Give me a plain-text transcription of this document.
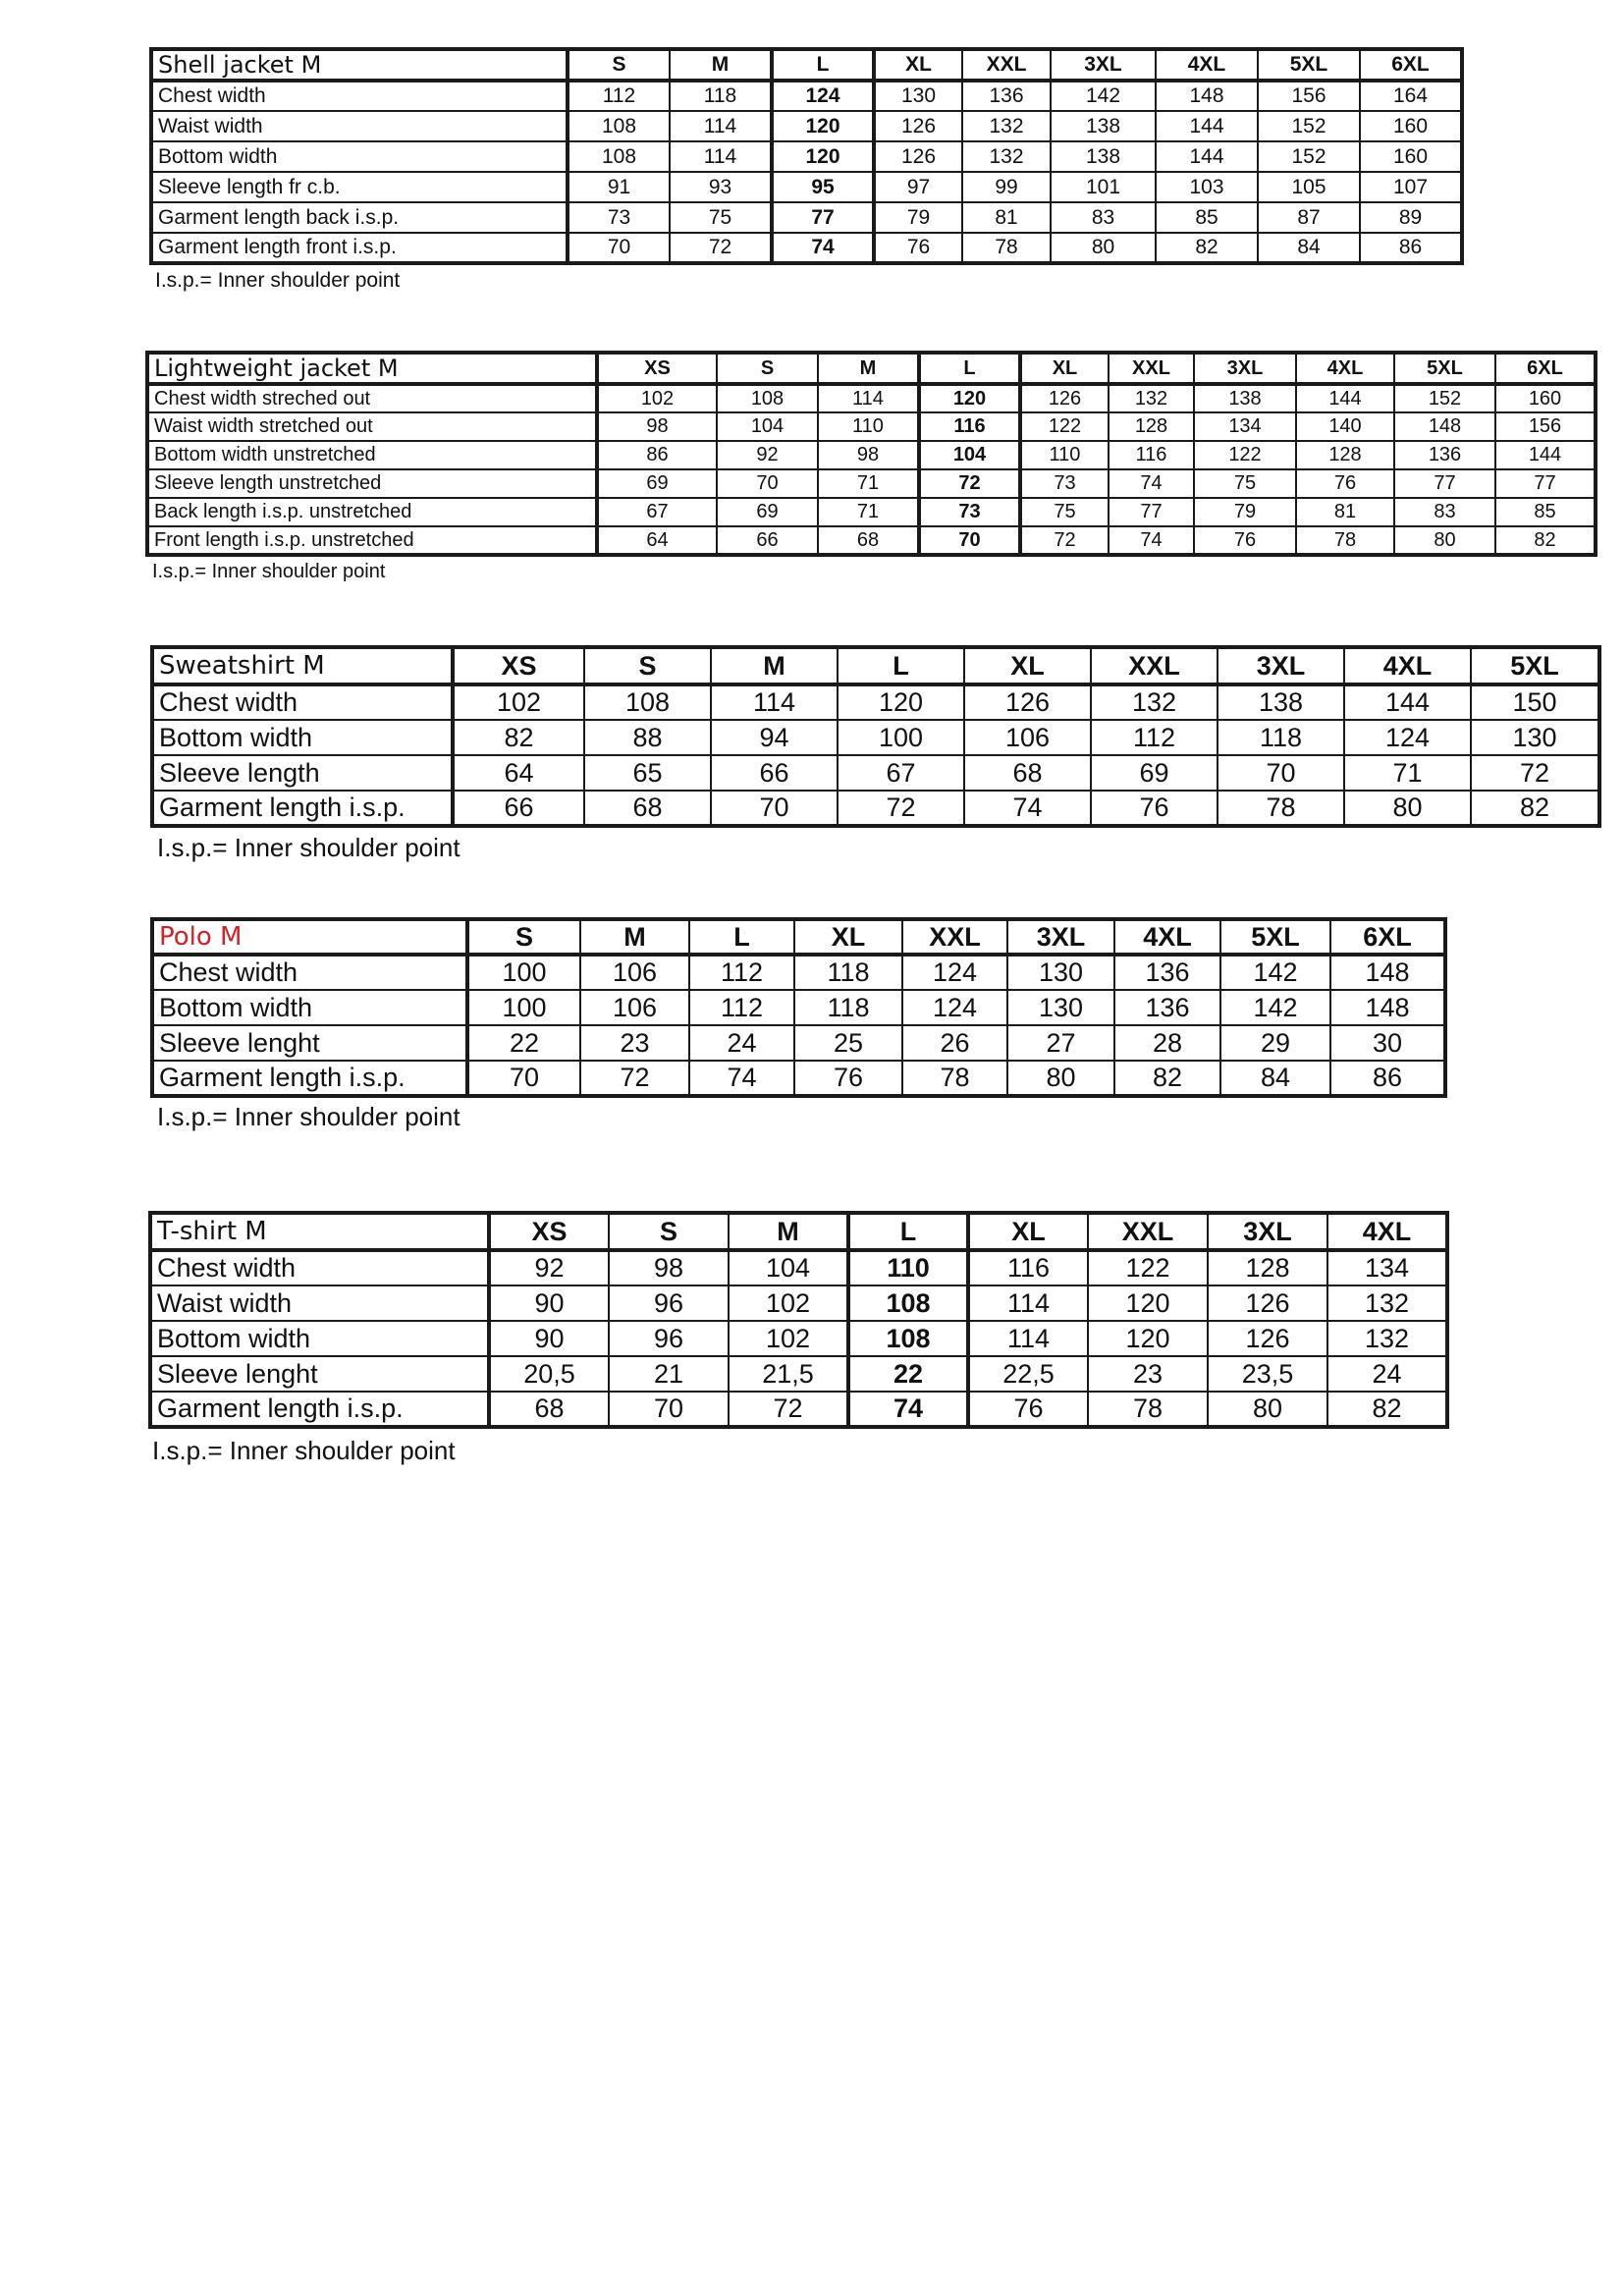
Shell jacket M	S	M	L	XL	XXL	3XL	4XL	5XL	6XL
Chest width	112	118	124	130	136	142	148	156	164
Waist width	108	114	120	126	132	138	144	152	160
Bottom width	108	114	120	126	132	138	144	152	160
Sleeve length fr c.b.	91	93	95	97	99	101	103	105	107
Garment length back i.s.p.	73	75	77	79	81	83	85	87	89
Garment length front i.s.p.	70	72	74	76	78	80	82	84	86
I.s.p.= Inner shoulder point
Lightweight jacket M	XS	S	M	L	XL	XXL	3XL	4XL	5XL	6XL
Chest width streched out	102	108	114	120	126	132	138	144	152	160
Waist width stretched out	98	104	110	116	122	128	134	140	148	156
Bottom width unstretched	86	92	98	104	110	116	122	128	136	144
Sleeve length unstretched	69	70	71	72	73	74	75	76	77	77
Back length i.s.p. unstretched	67	69	71	73	75	77	79	81	83	85
Front length i.s.p. unstretched	64	66	68	70	72	74	76	78	80	82
I.s.p.= Inner shoulder point
Sweatshirt M	XS	S	M	L	XL	XXL	3XL	4XL	5XL
Chest width	102	108	114	120	126	132	138	144	150
Bottom width	82	88	94	100	106	112	118	124	130
Sleeve length	64	65	66	67	68	69	70	71	72
Garment length i.s.p.	66	68	70	72	74	76	78	80	82
I.s.p.= Inner shoulder point
Polo M	S	M	L	XL	XXL	3XL	4XL	5XL	6XL
Chest width	100	106	112	118	124	130	136	142	148
Bottom width	100	106	112	118	124	130	136	142	148
Sleeve lenght	22	23	24	25	26	27	28	29	30
Garment length i.s.p.	70	72	74	76	78	80	82	84	86
I.s.p.= Inner shoulder point
T-shirt M	XS	S	M	L	XL	XXL	3XL	4XL
Chest width	92	98	104	110	116	122	128	134
Waist width	90	96	102	108	114	120	126	132
Bottom width	90	96	102	108	114	120	126	132
Sleeve lenght	20,5	21	21,5	22	22,5	23	23,5	24
Garment length i.s.p.	68	70	72	74	76	78	80	82
I.s.p.= Inner shoulder point
